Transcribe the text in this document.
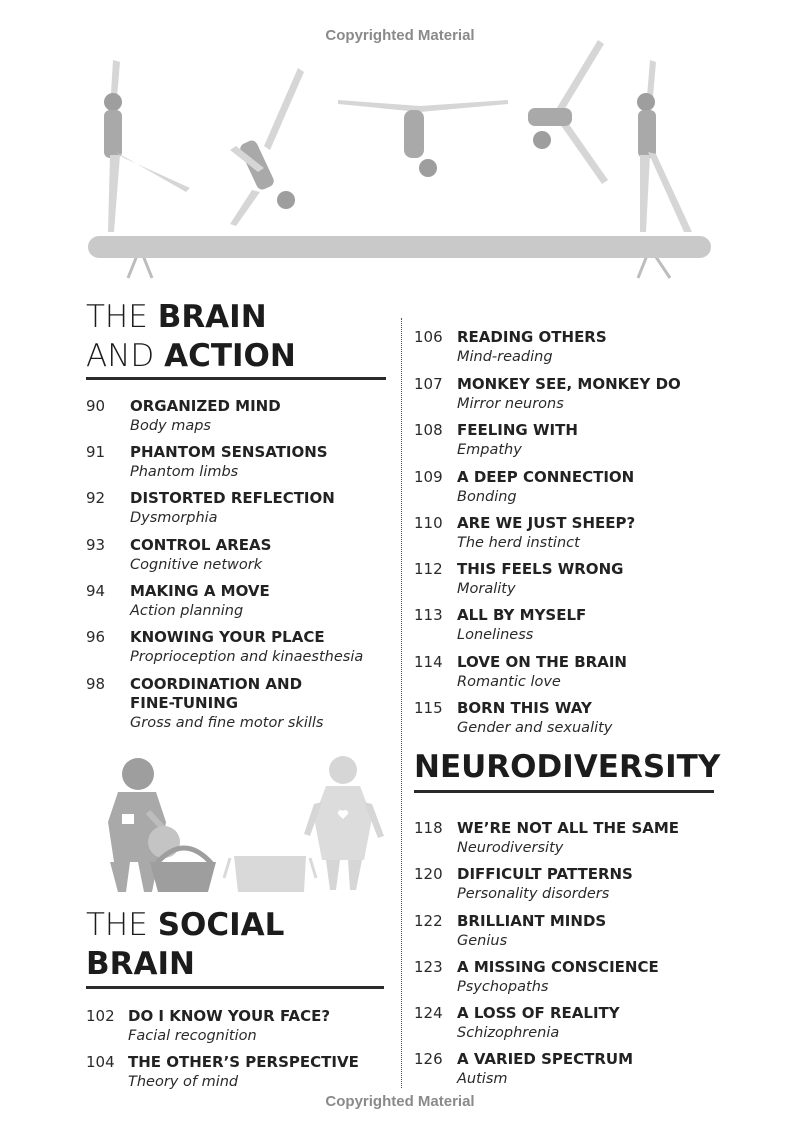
Copyrighted Material
THE BRAIN
AND ACTION
90 ORGANIZED MIND
Body maps
91 PHANTOM SENSATIONS
Phantom limbs
92 DISTORTED REFLECTION
Dysmorphia
93 CONTROL AREAS
Cognitive network
94 MAKING A MOVE
Action planning
96 KNOWING YOUR PLACE
Proprioception and kinaesthesia
98 COORDINATION AND
FINE-TUNING
Gross and fine motor skills
THE SOCIAL
BRAIN
102 DO I KNOW YOUR FACE?
Facial recognition
104 THE OTHER’S PERSPECTIVE
Theory of mind
106 READING OTHERS
Mind-reading
107 MONKEY SEE, MONKEY DO
Mirror neurons
108 FEELING WITH
Empathy
109 A DEEP CONNECTION
Bonding
110 ARE WE JUST SHEEP?
The herd instinct
112 THIS FEELS WRONG
Morality
113 ALL BY MYSELF
Loneliness
114 LOVE ON THE BRAIN
Romantic love
115 BORN THIS WAY
Gender and sexuality
NEURODIVERSITY
118 WE’RE NOT ALL THE SAME
Neurodiversity
120 DIFFICULT PATTERNS
Personality disorders
122 BRILLIANT MINDS
Genius
123 A MISSING CONSCIENCE
Psychopaths
124 A LOSS OF REALITY
Schizophrenia
126 A VARIED SPECTRUM
Autism
Copyrighted Material
